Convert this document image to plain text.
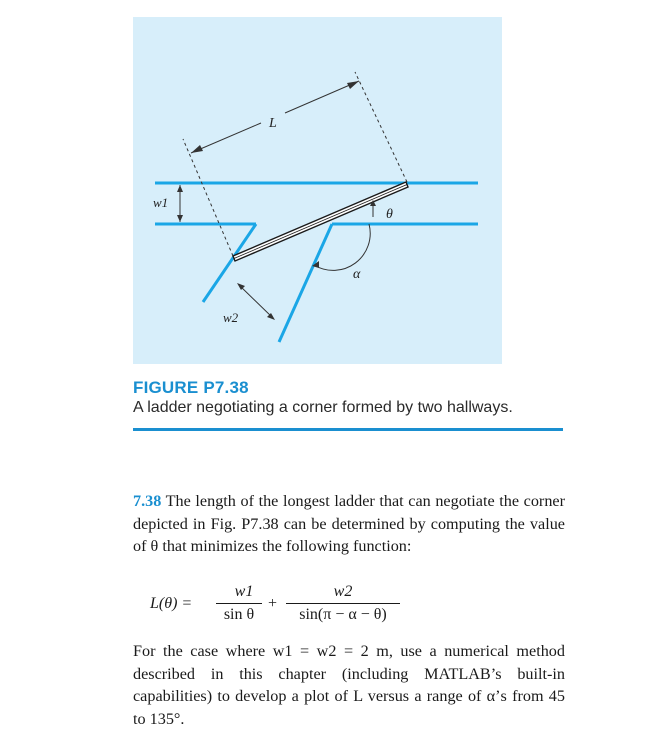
L
w1
w2
θ
α
FIGURE P7.38
A ladder negotiating a corner formed by two hallways.
7.38 The length of the longest ladder that can negotiate the corner depicted in Fig. P7.38 can be determined by computing the value of θ that minimizes the following function:
L(θ) =
w1
sin θ
+
w2
sin(π − α − θ)
For the case where w1 = w2 = 2 m, use a numerical method described in this chapter (including MATLAB’s built-in capabilities) to develop a plot of L versus a range of α’s from 45 to 135°.
